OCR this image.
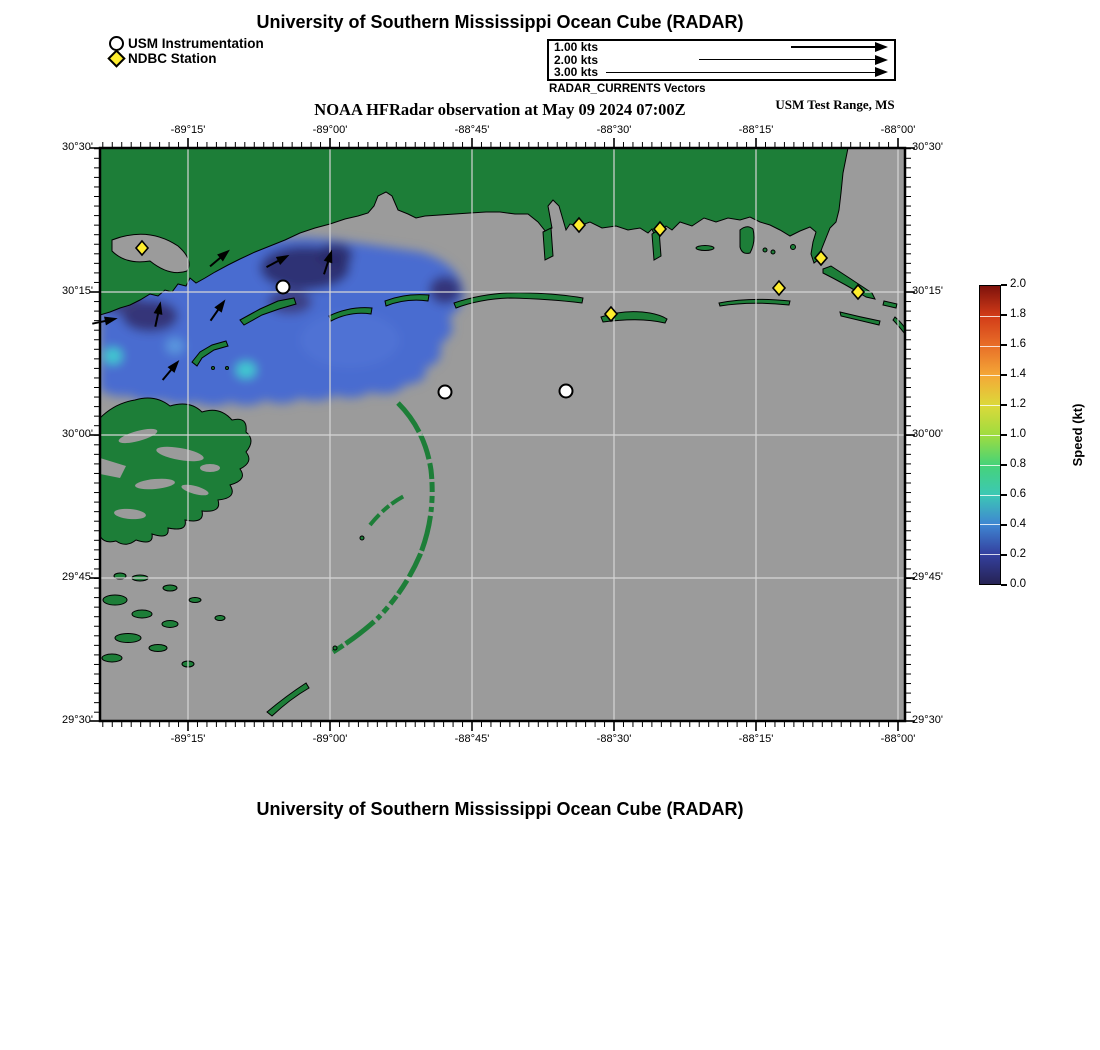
University of Southern Mississippi Ocean Cube (RADAR)
USM Instrumentation
NDBC Station
1.00 kts
2.00 kts
3.00 kts
RADAR_CURRENTS Vectors
NOAA HFRadar observation at May 09 2024 07:00Z	USM Test Range, MS
-89°15'
-89°15'
-89°00'
-89°00'
-88°45'
-88°45'
-88°30'
-88°30'
-88°15'
-88°15'
-88°00'
-88°00'
30°30'	30°30'
30°15'	30°15'
30°00'	30°00'
29°45'	29°45'
29°30'	29°30'
2.0
1.8
1.6
1.4
1.2
1.0
0.8
0.6
0.4
0.2
0.0
Speed (kt)
University of Southern Mississippi Ocean Cube (RADAR)
